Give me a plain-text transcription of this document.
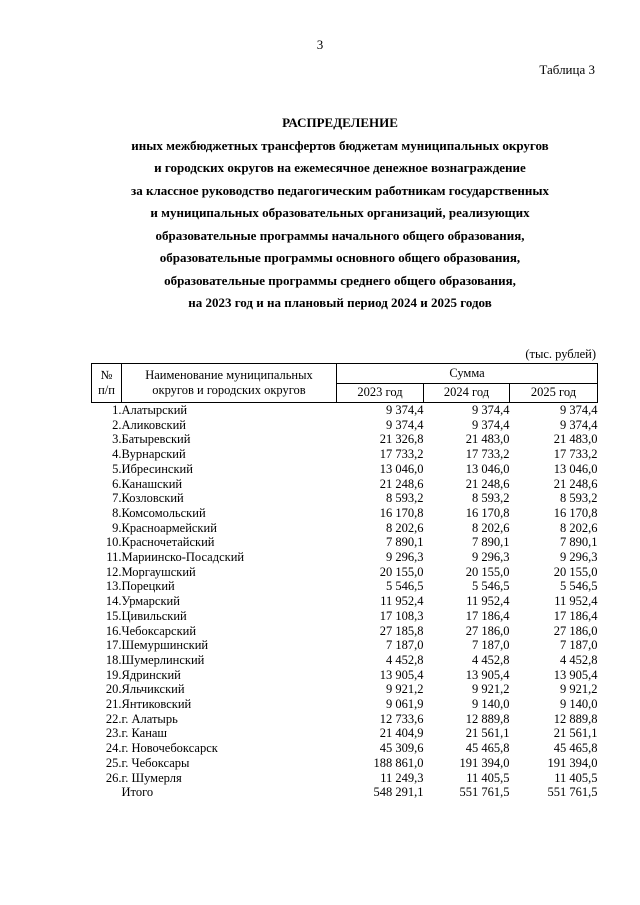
3
Таблица 3
РАСПРЕДЕЛЕНИЕ
иных межбюджетных трансфертов бюджетам муниципальных округов
и городских округов на ежемесячное денежное вознаграждение
за классное руководство педагогическим работникам государственных
и муниципальных образовательных организаций, реализующих
образовательные программы начального общего образования,
образовательные программы основного общего образования,
образовательные программы среднего общего образования,
на 2023 год и на плановый период 2024 и 2025 годов
(тыс. рублей)
№
п/п	Наименование муниципальных
округов и городских округов	Сумма		
		2023 год	2024 год	2025 год
1.	Алатырский	9 374,4	9 374,4	9 374,4
2.	Аликовский	9 374,4	9 374,4	9 374,4
3.	Батыревский	21 326,8	21 483,0	21 483,0
4.	Вурнарский	17 733,2	17 733,2	17 733,2
5.	Ибресинский	13 046,0	13 046,0	13 046,0
6.	Канашский	21 248,6	21 248,6	21 248,6
7.	Козловский	8 593,2	8 593,2	8 593,2
8.	Комсомольский	16 170,8	16 170,8	16 170,8
9.	Красноармейский	8 202,6	8 202,6	8 202,6
10.	Красночетайский	7 890,1	7 890,1	7 890,1
11.	Мариинско-Посадский	9 296,3	9 296,3	9 296,3
12.	Моргаушский	20 155,0	20 155,0	20 155,0
13.	Порецкий	5 546,5	5 546,5	5 546,5
14.	Урмарский	11 952,4	11 952,4	11 952,4
15.	Цивильский	17 108,3	17 186,4	17 186,4
16.	Чебоксарский	27 185,8	27 186,0	27 186,0
17.	Шемуршинский	7 187,0	7 187,0	7 187,0
18.	Шумерлинский	4 452,8	4 452,8	4 452,8
19.	Ядринский	13 905,4	13 905,4	13 905,4
20.	Яльчикский	9 921,2	9 921,2	9 921,2
21.	Янтиковский	9 061,9	9 140,0	9 140,0
22.	г. Алатырь	12 733,6	12 889,8	12 889,8
23.	г. Канаш	21 404,9	21 561,1	21 561,1
24.	г. Новочебоксарск	45 309,6	45 465,8	45 465,8
25.	г. Чебоксары	188 861,0	191 394,0	191 394,0
26.	г. Шумерля	11 249,3	11 405,5	11 405,5
	Итого	548 291,1	551 761,5	551 761,5
